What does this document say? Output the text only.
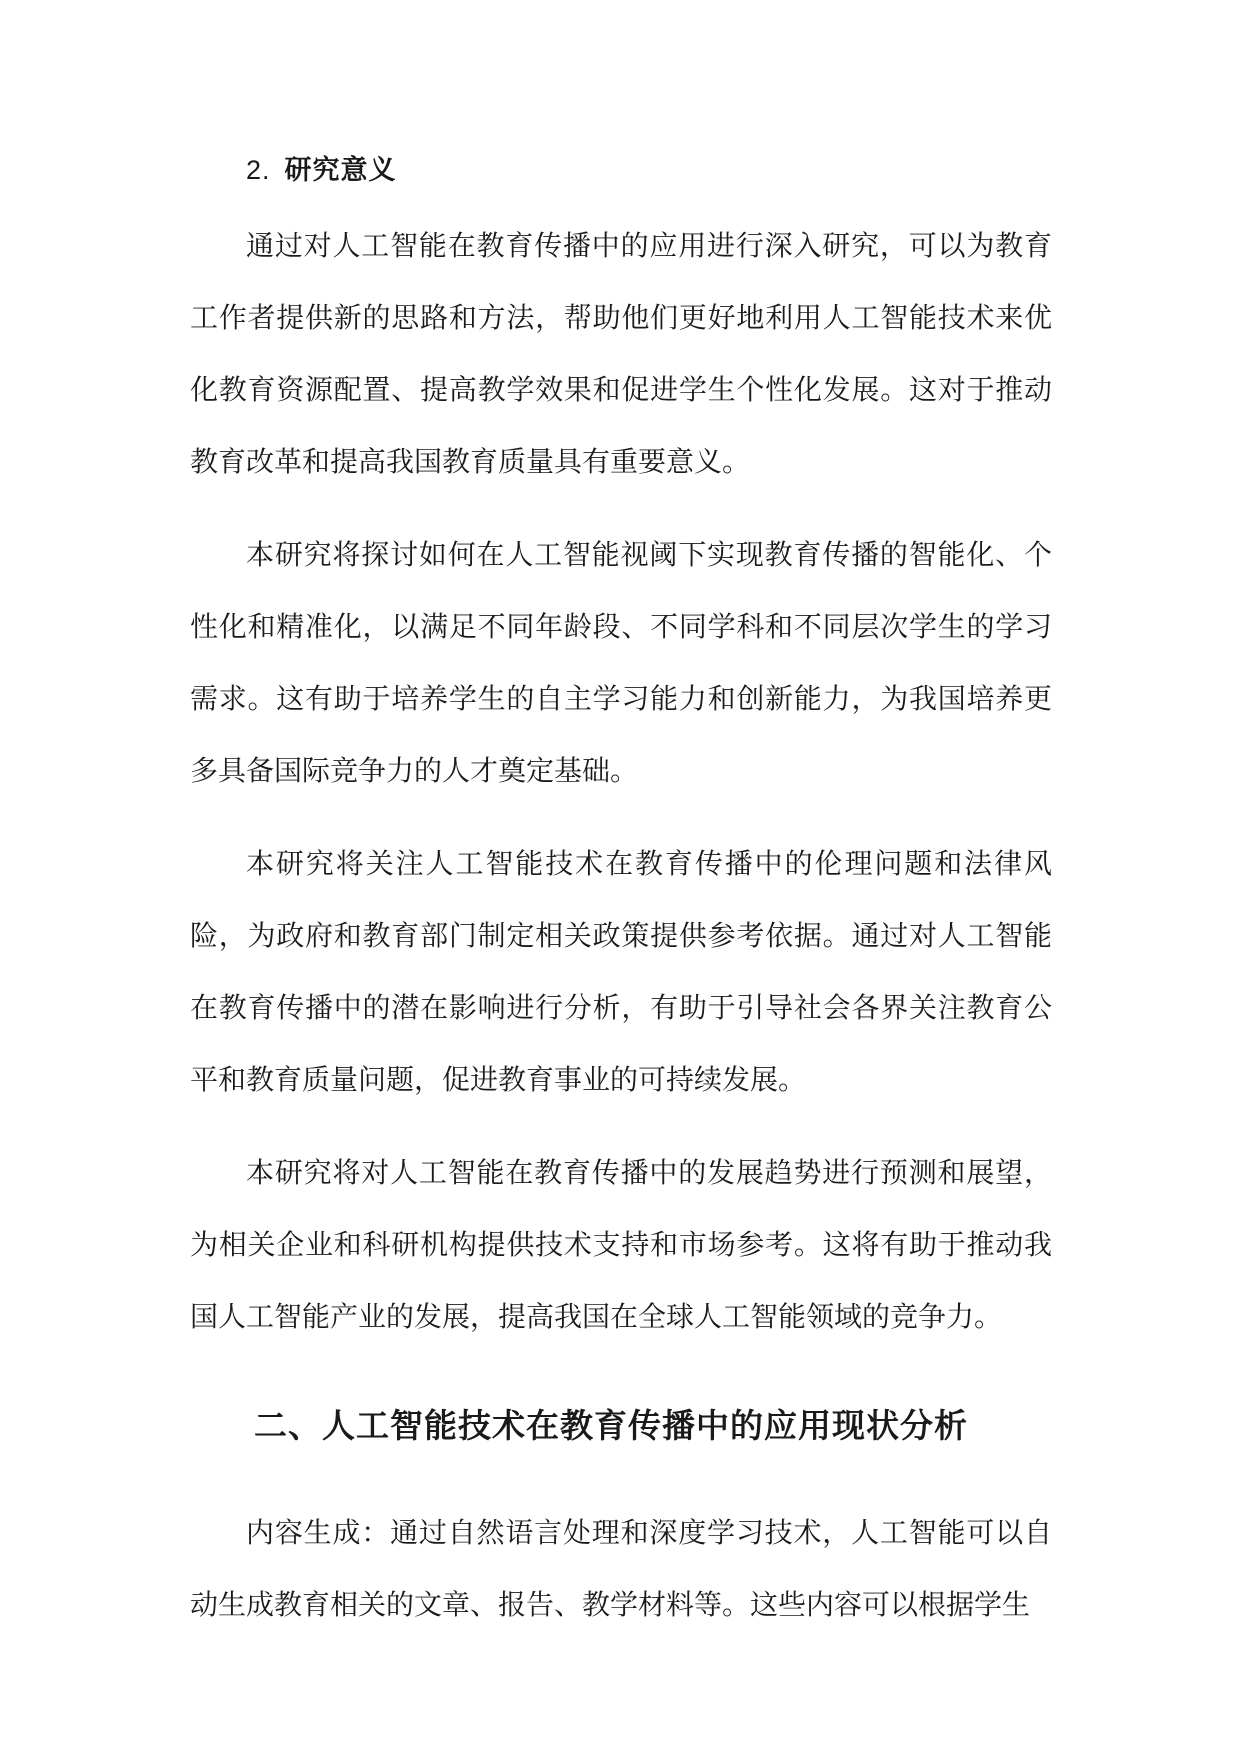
2. 研究意义

通过对人工智能在教育传播中的应用进行深入研究，可以为教育工作者提供新的思路和方法，帮助他们更好地利用人工智能技术来优化教育资源配置、提高教学效果和促进学生个性化发展。这对于推动教育改革和提高我国教育质量具有重要意义。

本研究将探讨如何在人工智能视阈下实现教育传播的智能化、个性化和精准化，以满足不同年龄段、不同学科和不同层次学生的学习需求。这有助于培养学生的自主学习能力和创新能力，为我国培养更多具备国际竞争力的人才奠定基础。

本研究将关注人工智能技术在教育传播中的伦理问题和法律风险，为政府和教育部门制定相关政策提供参考依据。通过对人工智能在教育传播中的潜在影响进行分析，有助于引导社会各界关注教育公平和教育质量问题，促进教育事业的可持续发展。

本研究将对人工智能在教育传播中的发展趋势进行预测和展望，为相关企业和科研机构提供技术支持和市场参考。这将有助于推动我国人工智能产业的发展，提高我国在全球人工智能领域的竞争力。

二、人工智能技术在教育传播中的应用现状分析

内容生成：通过自然语言处理和深度学习技术，人工智能可以自动生成教育相关的文章、报告、教学材料等。这些内容可以根据学生
